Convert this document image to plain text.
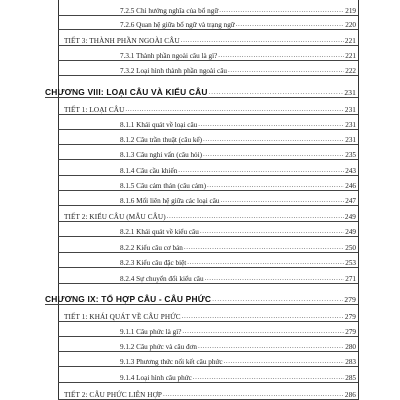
7.2.5 Chỉ hướng nghĩa của bổ ngữ .....	219
7.2.6 Quan hệ giữa bổ ngữ và trạng ngữ .....	220
TIẾT 3: THÀNH PHẦN NGOÀI CÂU .....	221
7.3.1 Thành phần ngoài câu là gì? .....	221
7.3.2 Loại hình thành phần ngoài câu .....	222
CHƯƠNG VIII: LOẠI CÂU VÀ KIỂU CÂU .....	231
TIẾT 1: LOẠI CÂU .....	231
8.1.1 Khái quát về loại câu .....	231
8.1.2 Câu trần thuật (câu kể) .....	231
8.1.3 Câu nghi vấn (câu hỏi) .....	235
8.1.4 Câu cầu khiến .....	243
8.1.5 Câu cảm thán (câu cảm) .....	246
8.1.6 Mối liên hệ giữa các loại câu .....	247
TIẾT 2: KIỂU CÂU (MẪU CÂU) .....	249
8.2.1 Khái quát về kiểu câu .....	249
8.2.2 Kiểu câu cơ bản .....	250
8.2.3 Kiểu câu đặc biệt .....	253
8.2.4 Sự chuyển đổi kiểu câu .....	271
CHƯƠNG IX: TỔ HỢP CÂU - CÂU PHỨC .....	279
TIẾT 1: KHÁI QUÁT VỀ CÂU PHỨC .....	279
9.1.1 Câu phức là gì? .....	279
9.1.2 Câu phức và câu đơn .....	280
9.1.3 Phương thức nối kết câu phức .....	283
9.1.4 Loại hình câu phức .....	285
TIẾT 2: CÂU PHỨC LIÊN HỢP .....	286
